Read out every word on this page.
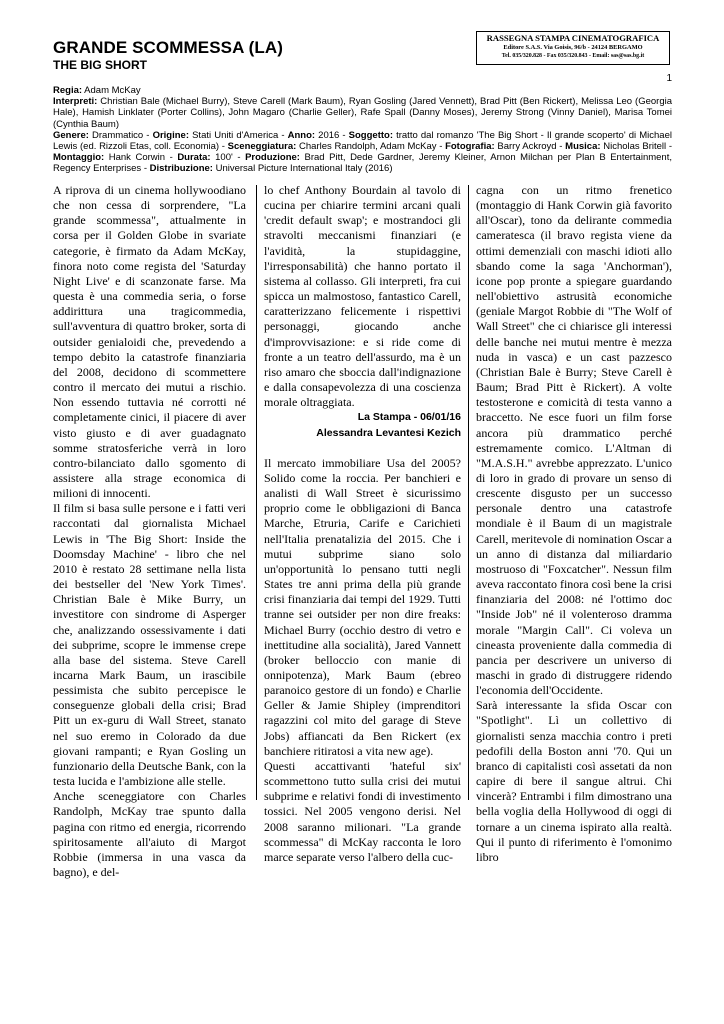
GRANDE SCOMMESSA (LA)
THE BIG SHORT
RASSEGNA STAMPA CINEMATOGRAFICA
Editore S.A.S. Via Goisis, 96/b - 24124 BERGAMO
Tel. 035/320.828 - Fax 035/320.843 - Email: sas@sas.bg.it
1

Regia: Adam McKay

Interpreti: Christian Bale (Michael Burry), Steve Carell (Mark Baum), Ryan Gosling (Jared Vennett), Brad Pitt (Ben Rickert), Melissa Leo (Georgia Hale), Hamish Linklater (Porter Collins), John Magaro (Charlie Geller), Rafe Spall (Danny Moses), Jeremy Strong (Vinny Daniel), Marisa Tomei (Cynthia Baum)

Genere: Drammatico - Origine: Stati Uniti d'America - Anno: 2016 - Soggetto: tratto dal romanzo 'The Big Short - Il grande scoperto' di Michael Lewis (ed. Rizzoli Etas, coll. Economia) - Sceneggiatura: Charles Randolph, Adam McKay - Fotografia: Barry Ackroyd - Musica: Nicholas Britell - Montaggio: Hank Corwin - Durata: 100' - Produzione: Brad Pitt, Dede Gardner, Jeremy Kleiner, Arnon Milchan per Plan B Entertainment, Regency Enterprises - Distribuzione: Universal Picture International Italy (2016)

A riprova di un cinema hollywoodiano che non cessa di sorprendere, "La grande scommessa", attualmente in corsa per il Golden Globe in svariate categorie, è firmato da Adam McKay, finora noto come regista del 'Saturday Night Live' e di scanzonate farse. Ma questa è una commedia seria, o forse addirittura una tragicommedia, sull'avventura di quattro broker, sorta di outsider genialoidi che, prevedendo a tempo debito la catastrofe finanziaria del 2008, decidono di scommettere contro il mercato dei mutui a rischio. Non essendo tuttavia né corrotti né completamente cinici, il piacere di aver visto giusto e di aver guadagnato somme stratosferiche verrà in loro contro-bilanciato dallo sgomento di assistere alla strage economica di milioni di innocenti.

Il film si basa sulle persone e i fatti veri raccontati dal giornalista Michael Lewis in 'The Big Short: Inside the Doomsday Machine' - libro che nel 2010 è restato 28 settimane nella lista dei bestseller del 'New York Times'. Christian Bale è Mike Burry, un investitore con sindrome di Asperger che, analizzando ossessivamente i dati dei subprime, scopre le immense crepe alla base del sistema. Steve Carell incarna Mark Baum, un irascibile pessimista che subito percepisce le conseguenze globali della crisi; Brad Pitt un ex-guru di Wall Street, stanato nel suo eremo in Colorado da due giovani rampanti; e Ryan Gosling un funzionario della Deutsche Bank, con la testa lucida e l'ambizione alle stelle.

Anche sceneggiatore con Charles Randolph, McKay trae spunto dalla pagina con ritmo ed energia, ricorrendo spiritosamente all'aiuto di Margot Robbie (immersa in una vasca da bagno), e del-

lo chef Anthony Bourdain al tavolo di cucina per chiarire termini arcani quali 'credit default swap'; e mostrandoci gli stravolti meccanismi finanziari (e l'avidità, la stupidaggine, l'irresponsabilità) che hanno portato il sistema al collasso. Gli interpreti, fra cui spicca un malmostoso, fantastico Carell, caratterizzano felicemente i rispettivi personaggi, giocando anche d'improvvisazione: e si ride come di fronte a un teatro dell'assurdo, ma è un riso amaro che sboccia dall'indignazione e dalla consapevolezza di una coscienza morale oltraggiata.

La Stampa - 06/01/16
Alessandra Levantesi Kezich

Il mercato immobiliare Usa del 2005? Solido come la roccia. Per banchieri e analisti di Wall Street è sicurissimo proprio come le obbligazioni di Banca Marche, Etruria, Carife e Carichieti nell'Italia prenatalizia del 2015. Che i mutui subprime siano solo un'opportunità lo pensano tutti negli States tre anni prima della più grande crisi finanziaria dai tempi del 1929. Tutti tranne sei outsider per non dire freaks: Michael Burry (occhio destro di vetro e inettitudine alla socialità), Jared Vannett (broker belloccio con manie di onnipotenza), Mark Baum (ebreo paranoico gestore di un fondo) e Charlie Geller & Jamie Shipley (imprenditori ragazzini col mito del garage di Steve Jobs) affiancati da Ben Rickert (ex banchiere ritiratosi a vita new age).

Questi accattivanti 'hateful six' scommettono tutto sulla crisi dei mutui subprime e relativi fondi di investimento tossici. Nel 2005 vengono derisi. Nel 2008 saranno milionari. "La grande scommessa" di McKay racconta le loro marce separate verso l'albero della cuc-

cagna con un ritmo frenetico (montaggio di Hank Corwin già favorito all'Oscar), tono da delirante commedia cameratesca (il bravo regista viene da ottimi demenziali con maschi idioti allo sbando come la saga 'Anchorman'), icone pop pronte a spiegare guardando nell'obiettivo astrusità economiche (geniale Margot Robbie di "The Wolf of Wall Street" che ci chiarisce gli interessi delle banche nei mutui mentre è mezza nuda in vasca) e un cast pazzesco (Christian Bale è Burry; Steve Carell è Baum; Brad Pitt è Rickert). A volte testosterone e comicità di testa vanno a braccetto. Ne esce fuori un film forse ancora più drammatico perché estremamente comico. L'Altman di "M.A.S.H." avrebbe apprezzato. L'unico di loro in grado di provare un senso di crescente disgusto per un successo personale dentro una catastrofe mondiale è il Baum di un magistrale Carell, meritevole di nomination Oscar a un anno di distanza dal miliardario mostruoso di "Foxcatcher". Nessun film aveva raccontato finora così bene la crisi finanziaria del 2008: né l'ottimo doc "Inside Job" né il volenteroso dramma morale "Margin Call". Ci voleva un cineasta proveniente dalla commedia di pancia per descrivere un universo di maschi in grado di distruggere ridendo l'economia dell'Occidente.

Sarà interessante la sfida Oscar con "Spotlight". Lì un collettivo di giornalisti senza macchia contro i preti pedofili della Boston anni '70. Qui un branco di capitalisti così assetati da non capire di bere il sangue altrui. Chi vincerà? Entrambi i film dimostrano una bella voglia della Hollywood di oggi di tornare a un cinema ispirato alla realtà. Qui il punto di riferimento è l'omonimo libro
